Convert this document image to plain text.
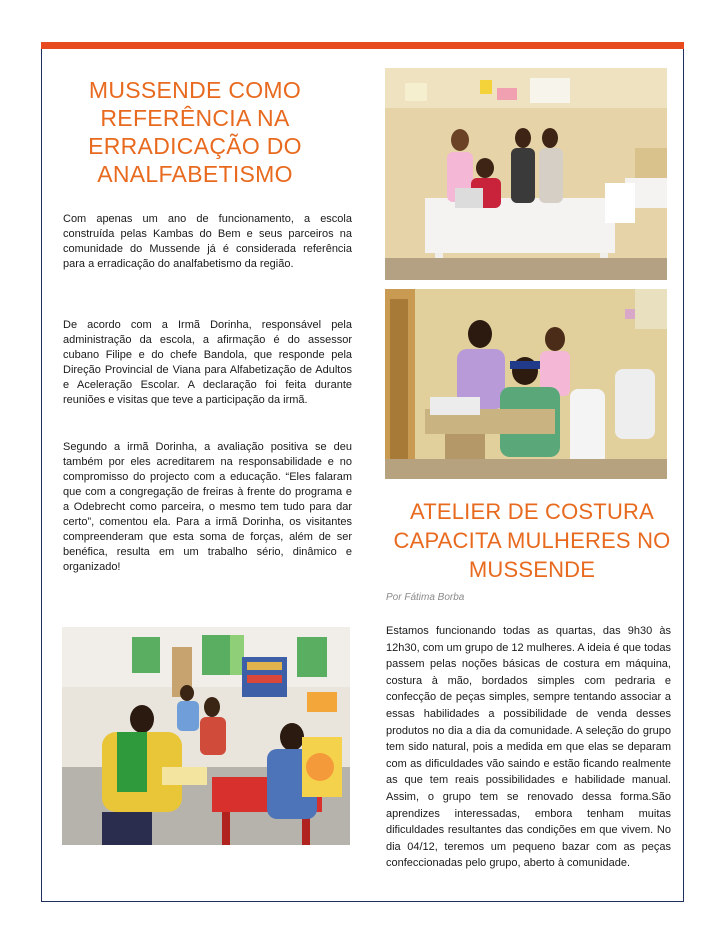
MUSSENDE COMO REFERÊNCIA NA ERRADICAÇÃO DO ANALFABETISMO

Com apenas um ano de funcionamento, a escola construída pelas Kambas do Bem e seus parceiros na comunidade do Mussende já é considerada referência para a erradicação do analfabetismo da região.

De acordo com a Irmã Dorinha, responsável pela administração da escola, a afirmação é do assessor cubano Filipe e do chefe Bandola, que responde pela Direção Provincial de Viana para Alfabetização de Adultos e Aceleração Escolar. A declaração foi feita durante reuniões e visitas que teve a participação da irmã.

Segundo a irmã Dorinha, a avaliação positiva se deu também por eles acreditarem na responsabilidade e no compromisso do projecto com a educação. “Eles falaram que com a congregação de freiras à frente do programa e a Odebrecht como parceira, o mesmo tem tudo para dar certo”, comentou ela. Para a irmã Dorinha, os visitantes compreenderam que esta soma de forças, além de ser benéfica, resulta em um trabalho sério, dinâmico e organizado!

ATELIER DE COSTURA CAPACITA MULHERES NO MUSSENDE
Por Fátima Borba

Estamos funcionando todas as quartas, das 9h30 às 12h30, com um grupo de 12 mulheres. A ideia é que todas passem pelas noções básicas de costura em máquina, costura à mão, bordados simples com pedraria e confecção de peças simples, sempre tentando associar a essas habilidades a possibilidade de venda desses produtos no dia a dia da comunidade. A seleção do grupo tem sido natural, pois a medida em que elas se deparam com as dificuldades vão saindo e estão ficando realmente as que tem reais possibilidades e habilidade manual. Assim, o grupo tem se renovado dessa forma.São aprendizes interessadas, embora tenham muitas dificuldades resultantes das condições em que vivem. No dia 04/12, teremos um pequeno bazar com as peças confeccionadas pelo grupo, aberto à comunidade.
